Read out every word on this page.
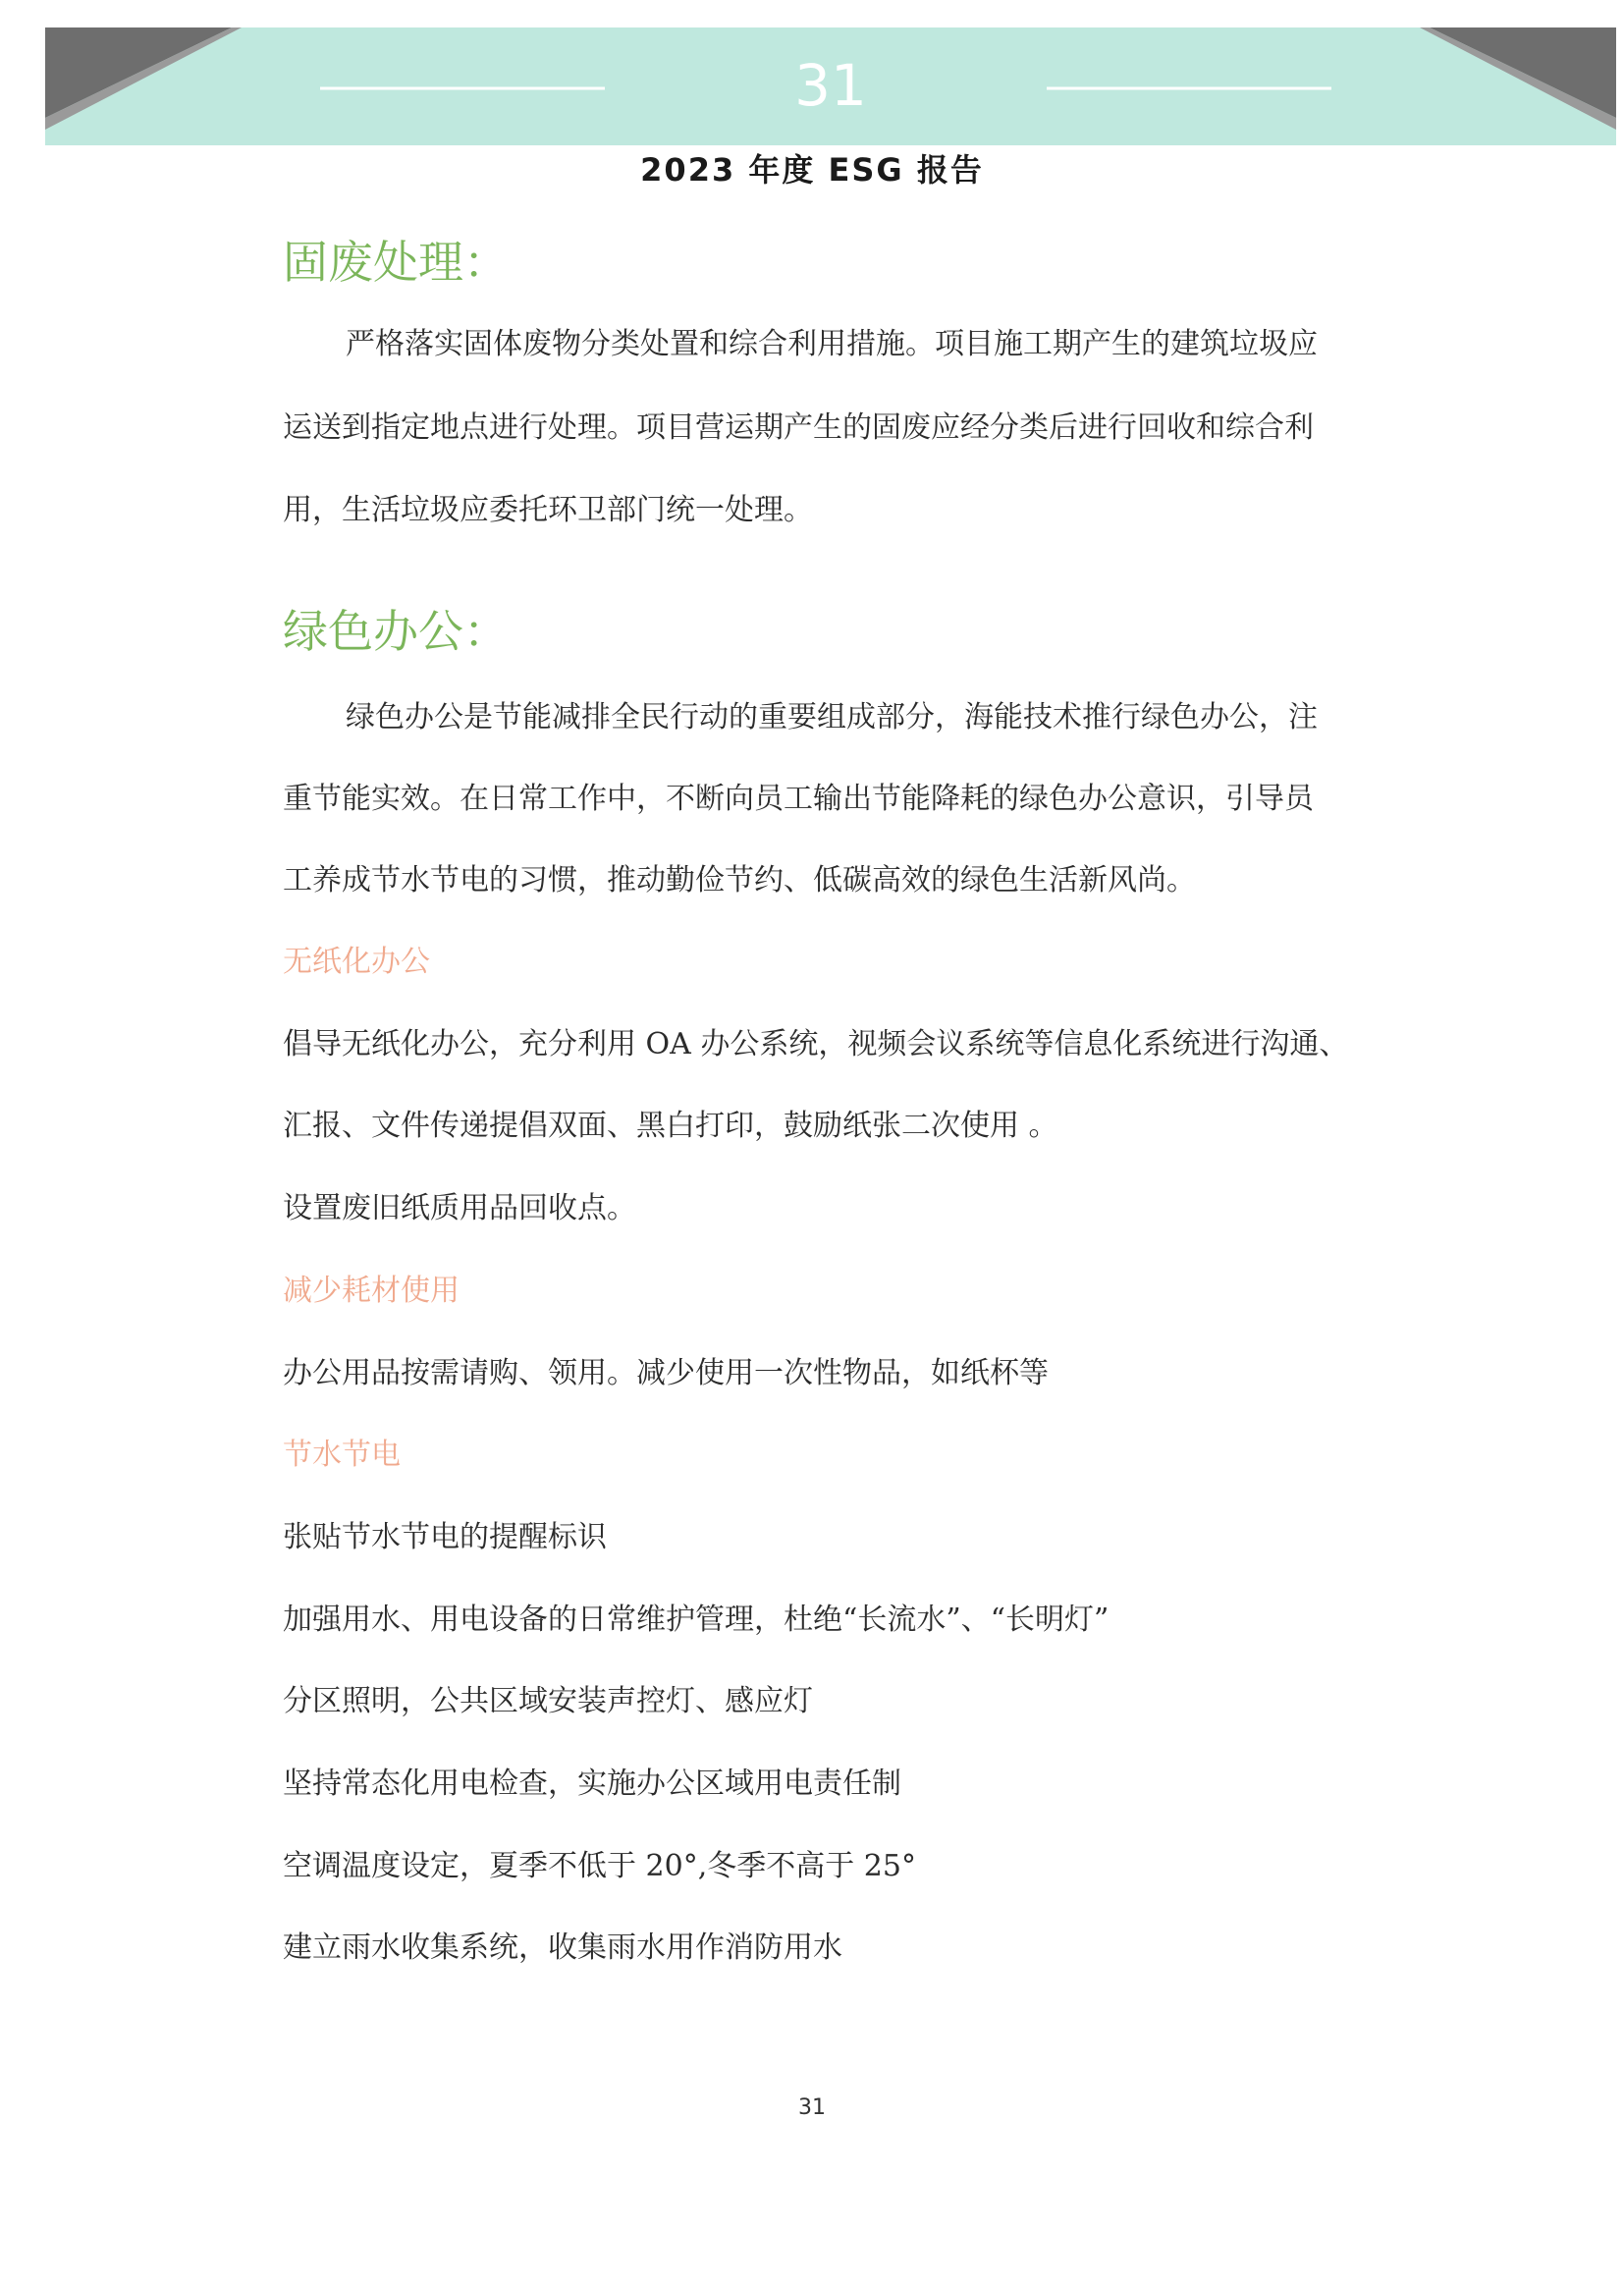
31
2023 年度 ESG 报告

固废处理：
严格落实固体废物分类处置和综合利用措施。项目施工期产生的建筑垃圾应
运送到指定地点进行处理。项目营运期产生的固废应经分类后进行回收和综合利
用，生活垃圾应委托环卫部门统一处理。
绿色办公：
绿色办公是节能减排全民行动的重要组成部分，海能技术推行绿色办公，注
重节能实效。在日常工作中，不断向员工输出节能降耗的绿色办公意识，引导员
工养成节水节电的习惯，推动勤俭节约、低碳高效的绿色生活新风尚。
无纸化办公
倡导无纸化办公，充分利用 OA 办公系统，视频会议系统等信息化系统进行沟通、
汇报、文件传递提倡双面、黑白打印，鼓励纸张二次使用 。
设置废旧纸质用品回收点。
减少耗材使用
办公用品按需请购、领用。减少使用一次性物品，如纸杯等
节水节电
张贴节水节电的提醒标识
加强用水、用电设备的日常维护管理，杜绝“长流水”、“长明灯”
分区照明，公共区域安装声控灯、感应灯
坚持常态化用电检查，实施办公区域用电责任制
空调温度设定，夏季不低于 20°,冬季不高于 25°
建立雨水收集系统，收集雨水用作消防用水
31
